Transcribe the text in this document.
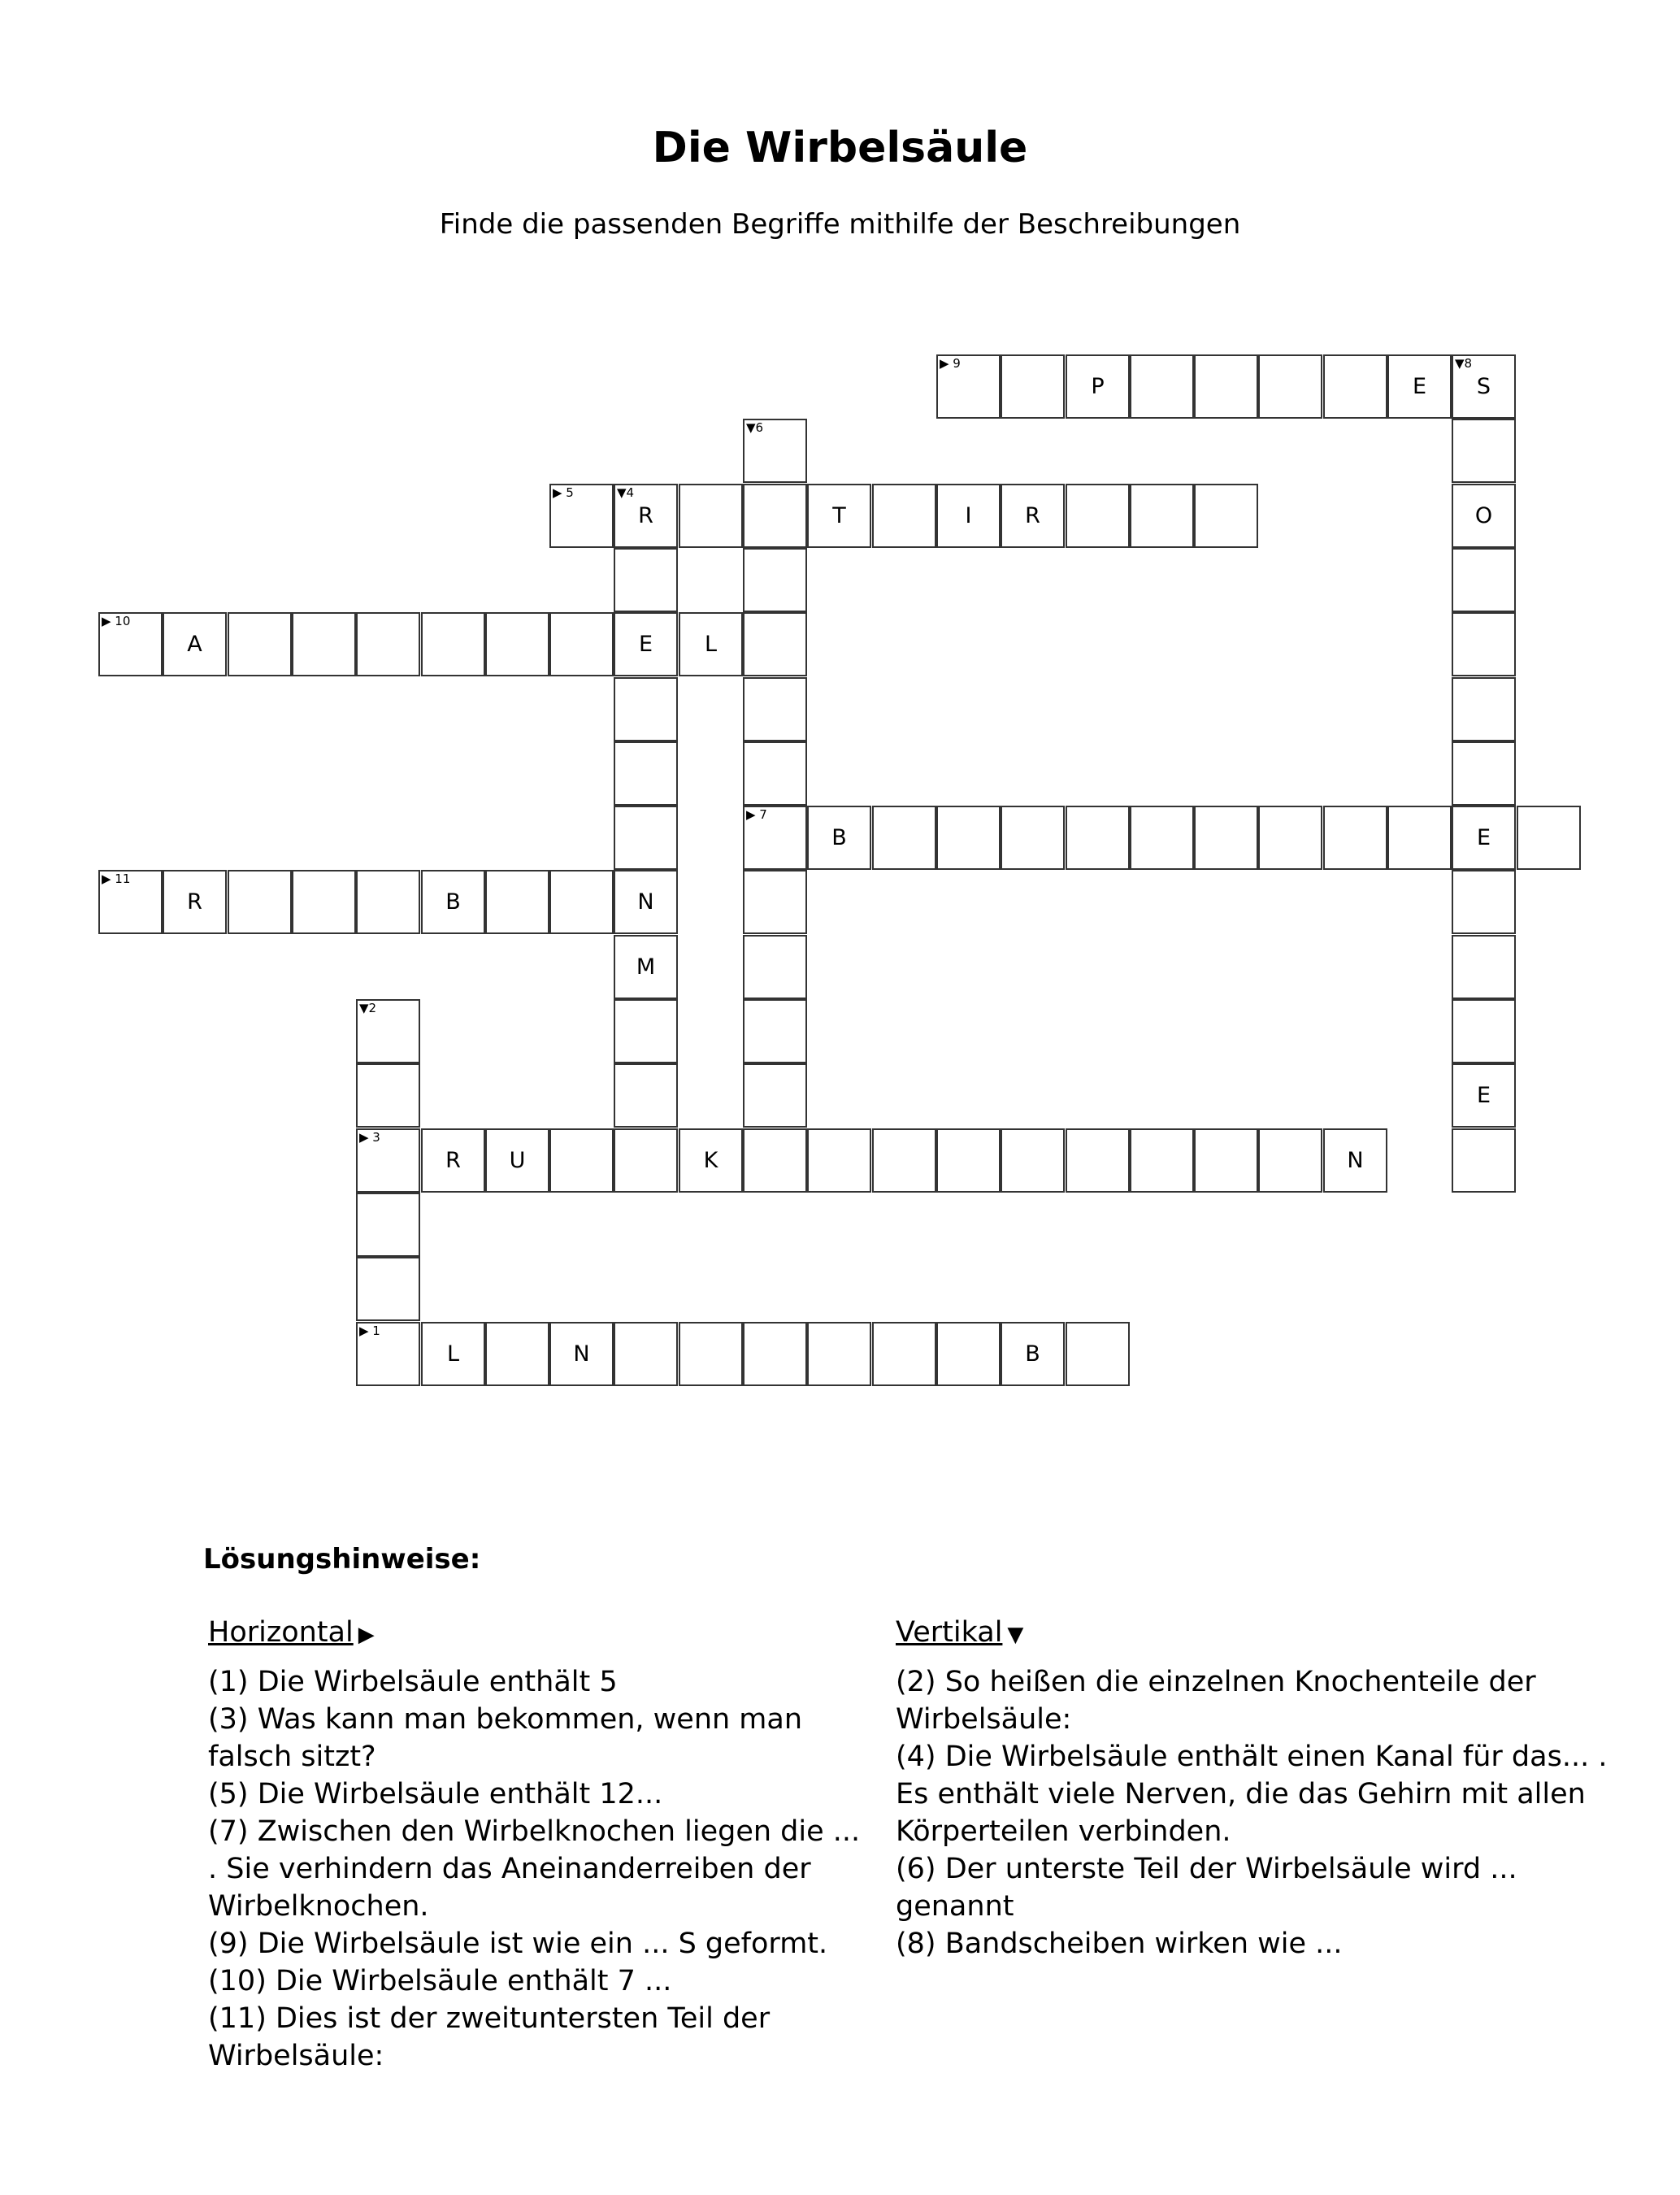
Die Wirbelsäule

Finde die passenden Begriffe mithilfe der Beschreibungen

▶ 9
P	E
▼8
S
O
E
E
▼6
▶ 7
▶ 5	▼4
R	T	I	R
E
N
M
▶ 10
A	L
B
▶ 11
R	B
▼2
▶ 3
▶ 1
R	U	K	N
L	N	B
Lösungshinweise:
Horizontal ▶

(1) Die Wirbelsäule enthält 5

(3) Was kann man bekommen, wenn man falsch sitzt?

(5) Die Wirbelsäule enthält 12...

(7) Zwischen den Wirbelknochen liegen die ... . Sie verhindern das Aneinanderreiben der Wirbelknochen.

(9) Die Wirbelsäule ist wie ein ... S geformt.

(10) Die Wirbelsäule enthält 7 ...

(11) Dies ist der zweituntersten Teil der Wirbelsäule:

Vertikal ▼

(2) So heißen die einzelnen Knochenteile der Wirbelsäule:

(4) Die Wirbelsäule enthält einen Kanal für das... . Es enthält viele Nerven, die das Gehirn mit allen Körperteilen verbinden.

(6) Der unterste Teil der Wirbelsäule wird ... genannt

(8) Bandscheiben wirken wie ...
